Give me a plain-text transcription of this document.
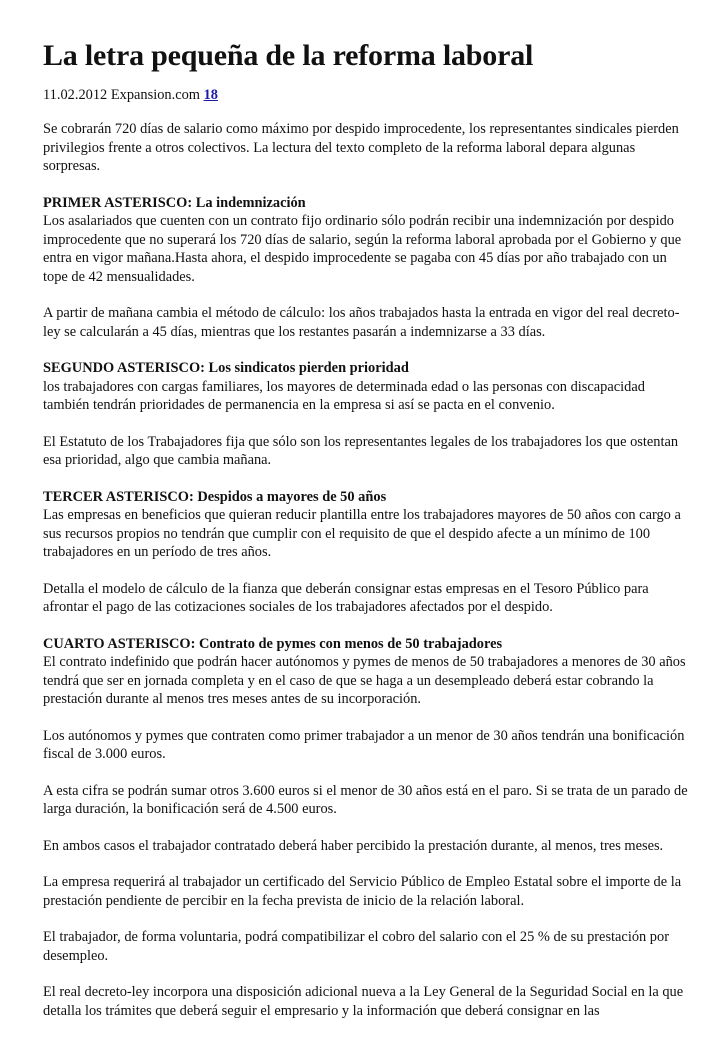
La letra pequeña de la reforma laboral
11.02.2012 Expansion.com 18

Se cobrarán 720 días de salario como máximo por despido improcedente, los representantes sindicales pierden privilegios frente a otros colectivos. La lectura del texto completo de la reforma laboral depara algunas sorpresas.

PRIMER ASTERISCO: La indemnización
Los asalariados que cuenten con un contrato fijo ordinario sólo podrán recibir una indemnización por despido improcedente que no superará los 720 días de salario, según la reforma laboral aprobada por el Gobierno y que entra en vigor mañana.Hasta ahora, el despido improcedente se pagaba con 45 días por año trabajado con un tope de 42 mensualidades.

A partir de mañana cambia el método de cálculo: los años trabajados hasta la entrada en vigor del real decreto-ley se calcularán a 45 días, mientras que los restantes pasarán a indemnizarse a 33 días.

SEGUNDO ASTERISCO: Los sindicatos pierden prioridad
los trabajadores con cargas familiares, los mayores de determinada edad o las personas con discapacidad también tendrán prioridades de permanencia en la empresa si así se pacta en el convenio.

El Estatuto de los Trabajadores fija que sólo son los representantes legales de los trabajadores los que ostentan esa prioridad, algo que cambia mañana.

TERCER ASTERISCO: Despidos a mayores de 50 años
Las empresas en beneficios que quieran reducir plantilla entre los trabajadores mayores de 50 años con cargo a sus recursos propios no tendrán que cumplir con el requisito de que el despido afecte a un mínimo de 100 trabajadores en un período de tres años.

Detalla el modelo de cálculo de la fianza que deberán consignar estas empresas en el Tesoro Público para afrontar el pago de las cotizaciones sociales de los trabajadores afectados por el despido.

CUARTO ASTERISCO: Contrato de pymes con menos de 50 trabajadores
El contrato indefinido que podrán hacer autónomos y pymes de menos de 50 trabajadores a menores de 30 años tendrá que ser en jornada completa y en el caso de que se haga a un desempleado deberá estar cobrando la prestación durante al menos tres meses antes de su incorporación.

Los autónomos y pymes que contraten como primer trabajador a un menor de 30 años tendrán una bonificación fiscal de 3.000 euros.

A esta cifra se podrán sumar otros 3.600 euros si el menor de 30 años está en el paro. Si se trata de un parado de larga duración, la bonificación será de 4.500 euros.

En ambos casos el trabajador contratado deberá haber percibido la prestación durante, al menos, tres meses.

La empresa requerirá al trabajador un certificado del Servicio Público de Empleo Estatal sobre el importe de la prestación pendiente de percibir en la fecha prevista de inicio de la relación laboral.

El trabajador, de forma voluntaria, podrá compatibilizar el cobro del salario con el 25 % de su prestación por desempleo.

El real decreto-ley incorpora una disposición adicional nueva a la Ley General de la Seguridad Social en la que detalla los trámites que deberá seguir el empresario y la información que deberá consignar en las
